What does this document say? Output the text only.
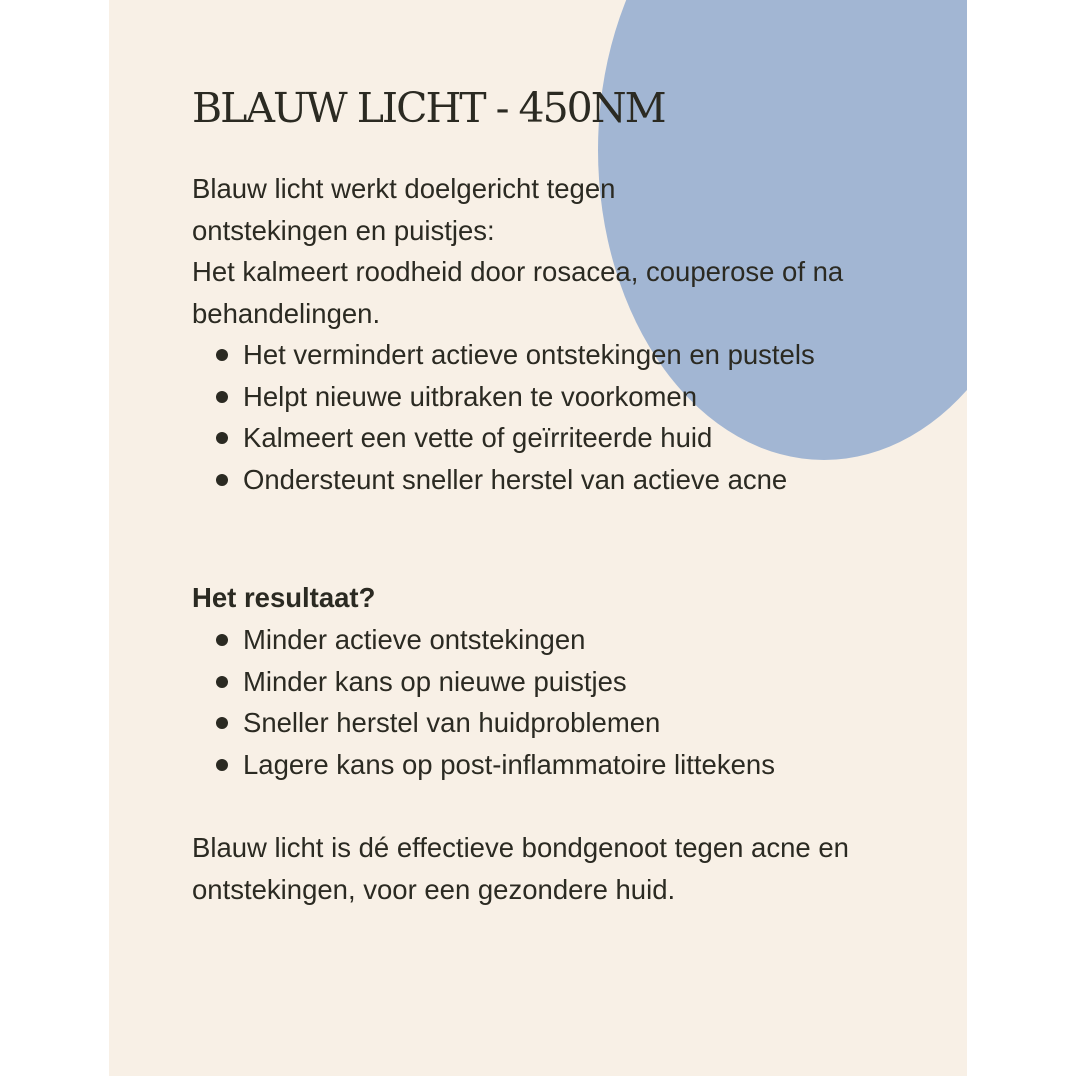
BLAUW LICHT - 450NM

Blauw licht werkt doelgericht tegen ontstekingen en puistjes:

Het kalmeert roodheid door rosacea, couperose of na behandelingen.

Het vermindert actieve ontstekingen en pustels
Helpt nieuwe uitbraken te voorkomen
Kalmeert een vette of geïrriteerde huid
Ondersteunt sneller herstel van actieve acne
Het resultaat?
Minder actieve ontstekingen
Minder kans op nieuwe puistjes
Sneller herstel van huidproblemen
Lagere kans op post-inflammatoire littekens

Blauw licht is dé effectieve bondgenoot tegen acne en ontstekingen, voor een gezondere huid.
